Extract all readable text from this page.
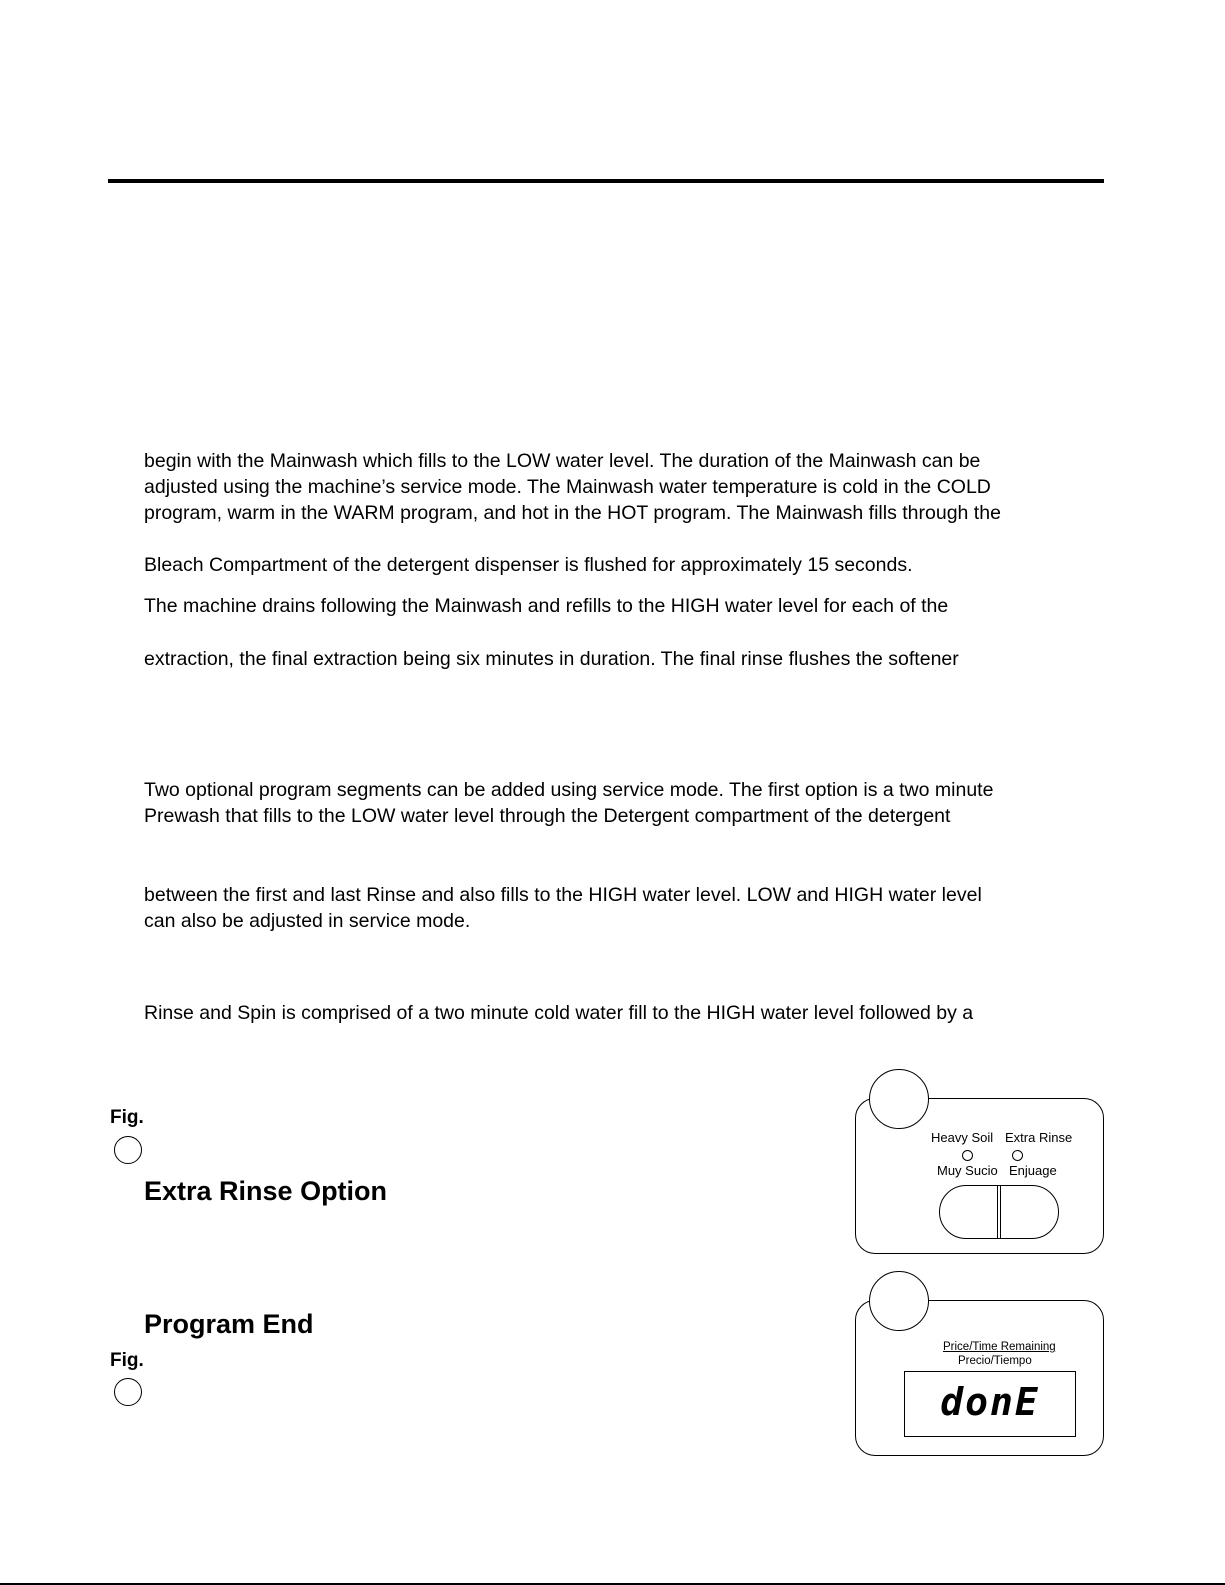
begin with the Mainwash which fills to the LOW water level. The duration of the Mainwash can be
adjusted using the machine’s service mode. The Mainwash water temperature is cold in the COLD
program, warm in the WARM program, and hot in the HOT program. The Mainwash fills through the
Bleach Compartment of the detergent dispenser is flushed for approximately 15 seconds.
The machine drains following the Mainwash and refills to the HIGH water level for each of the
extraction, the final extraction being six minutes in duration. The final rinse flushes the softener
Two optional program segments can be added using service mode. The first option is a two minute
Prewash that fills to the LOW water level through the Detergent compartment of the detergent
between the first and last Rinse and also fills to the HIGH water level. LOW and HIGH water level
can also be adjusted in service mode.
Rinse and Spin is comprised of a two minute cold water fill to the HIGH water level followed by a
Fig.
Extra Rinse Option
Program End
Fig.
Heavy Soil Extra Rinse
Muy Sucio Enjuage
Price/Time Remaining
Precio/Tiempo
donE
